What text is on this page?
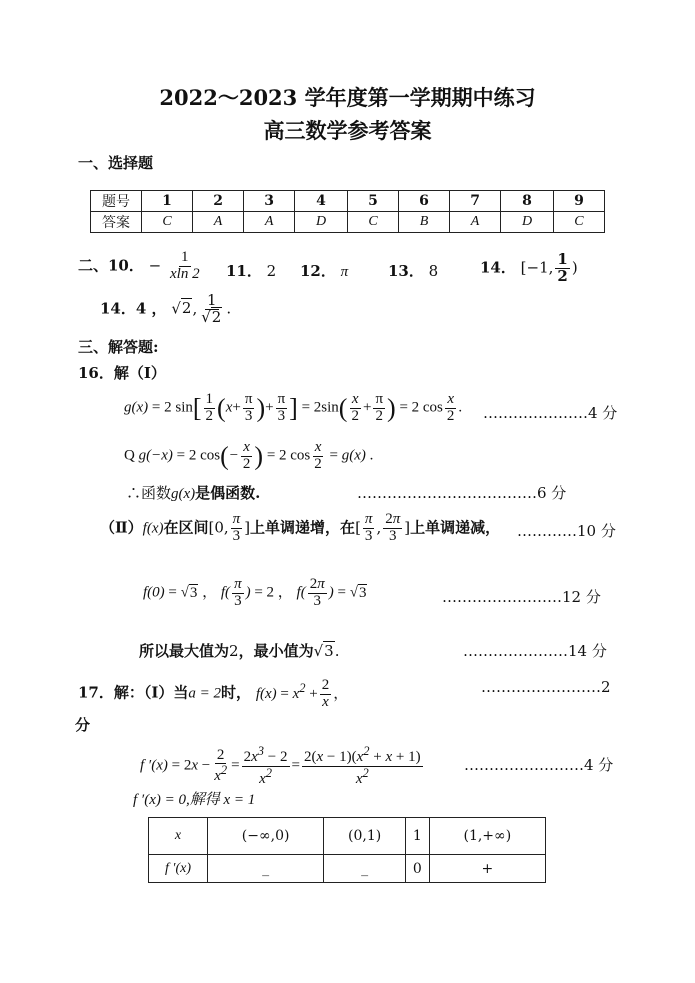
2022～2023 学年度第一学期期中练习
高三数学参考答案
一、选择题
题号	1	2	3	4	5	6	7	8	9
答案	C	A	A	D	C	B	A	D	C
二、10． − $\frac{1}{xln 2} 11$． 2 12． π	13． 8	14． [−1, $\frac{1}{2}$ )
14．4 ， √2, $\frac{1}{√2}$ .
三、解答题:
16．解（Ⅰ）
g(x) = 2 $\sin[ \frac{1}{2} (x+ \frac{\pi}{3}$ )+ $\frac{\pi}{3}$ ] = $2\sin( \frac{x}{2} + \frac{\pi}{2}$ ) = 2 $\cos \frac{x}{2}$ . …………………4 分
Q g(−x) = 2 $\cos(- \frac{x}{2}$ ) = 2 $\cos \frac{x}{2} = g(x)$ .
∴函数g(x)是偶函数.	………………………………6 分
（Ⅱ）f(x)在区间[0, $\frac{\pi}{3}$ ]上单调递增，在[ $\frac{\pi}{3}$ , $\frac{2\pi}{3}$ ]上单调递减， …………10 分
f(0) = √3 ， $f( \frac{\pi}{3}$ ) = 2 ， $f( \frac{2\pi}{3}$ ) = √3	……………………12 分
所以最大值为2，最小值为√3.	…………………14 分
17．解：（Ⅰ）当a = 2时， $f(x) = x^2 + \frac{2}{x}$ ，	……………………2
分
f $'(x) = 2x - \frac{2}{x^2} = \frac{2x^3 - 2}{x^2} = \frac{2(x - 1)(x^2 + x + 1)}{x^2}$	……………………4 分
f ′(x) = 0,解得 x = 1
x	(−∞,0)	(0,1)	1	(1,+∞)
f ′(x)	_	_	0	+
